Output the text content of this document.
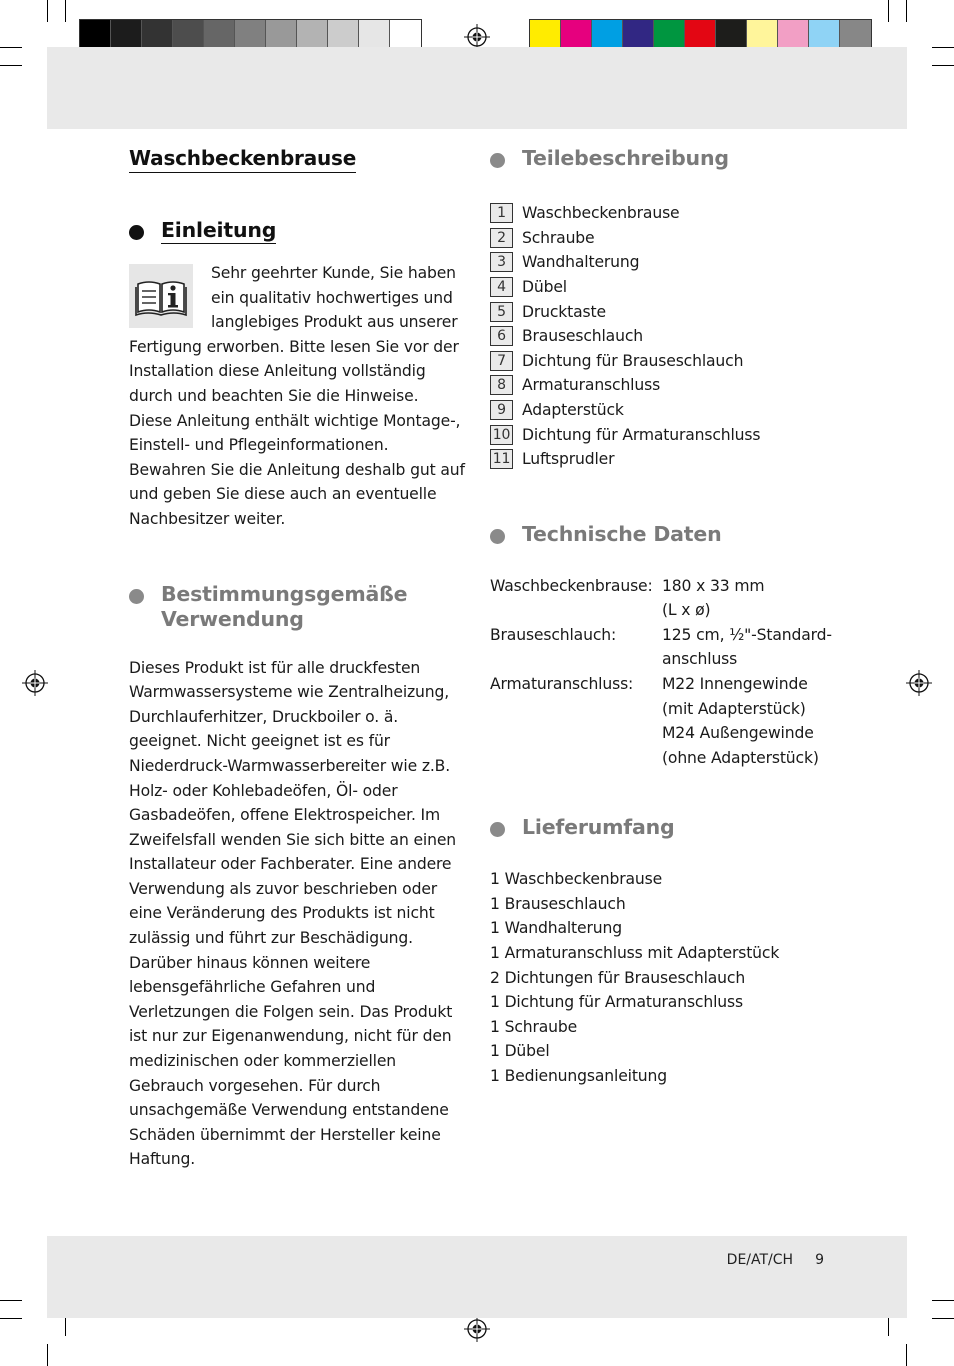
Waschbeckenbrause
Einleitung

Sehr geehrter Kunde, Sie haben ein qualitativ hochwertiges und langlebiges Produkt aus unserer Fertigung erworben. Bitte lesen Sie vor der Installation diese Anleitung vollständig durch und beachten Sie die Hinweise. Diese Anleitung enthält wichtige Montage-, Einstell- und Pflegeinformationen. Bewahren Sie die Anleitung deshalb gut auf und geben Sie diese auch an eventuelle Nachbesitzer weiter.

Bestimmungsgemäße
Verwendung

Dieses Produkt ist für alle druckfesten Warmwassersysteme wie Zentralheizung, Durchlauferhitzer, Druckboiler o. ä. geeignet. Nicht geeignet ist es für Niederdruck-Warmwasserbereiter wie z.B. Holz- oder Kohlebadeöfen, Öl- oder Gasbadeöfen, offene Elektrospeicher. Im Zweifelsfall wenden Sie sich bitte an einen Installateur oder Fachberater. Eine andere Verwendung als zuvor beschrieben oder eine Veränderung des Produkts ist nicht zulässig und führt zur Beschädigung. Darüber hinaus können weitere lebensgefährliche Gefahren und Verletzungen die Folgen sein. Das Produkt ist nur zur Eigenanwendung, nicht für den medizinischen oder kommerziellen Gebrauch vorgesehen. Für durch unsachgemäße Verwendung entstandene Schäden übernimmt der Hersteller keine Haftung.

Teilebeschreibung
1	Waschbeckenbrause
2	Schraube
3	Wandhalterung
4	Dübel
5	Drucktaste
6	Brauseschlauch
7	Dichtung für Brauseschlauch
8	Armaturanschluss
9	Adapterstück
10 Dichtung für Armaturanschluss
11 Luftsprudler
Technische Daten
Waschbeckenbrause: 180 x 33 mm
(L x ø)
Brauseschlauch:	125 cm, ½"-Standard-
anschluss
Armaturanschluss:	M22 Innengewinde
(mit Adapterstück)
M24 Außengewinde
(ohne Adapterstück)
Lieferumfang
1 Waschbeckenbrause
1 Brauseschlauch
1 Wandhalterung
1 Armaturanschluss mit Adapterstück
2 Dichtungen für Brauseschlauch
1 Dichtung für Armaturanschluss
1 Schraube
1 Dübel
1 Bedienungsanleitung
DE/AT/CH 9
